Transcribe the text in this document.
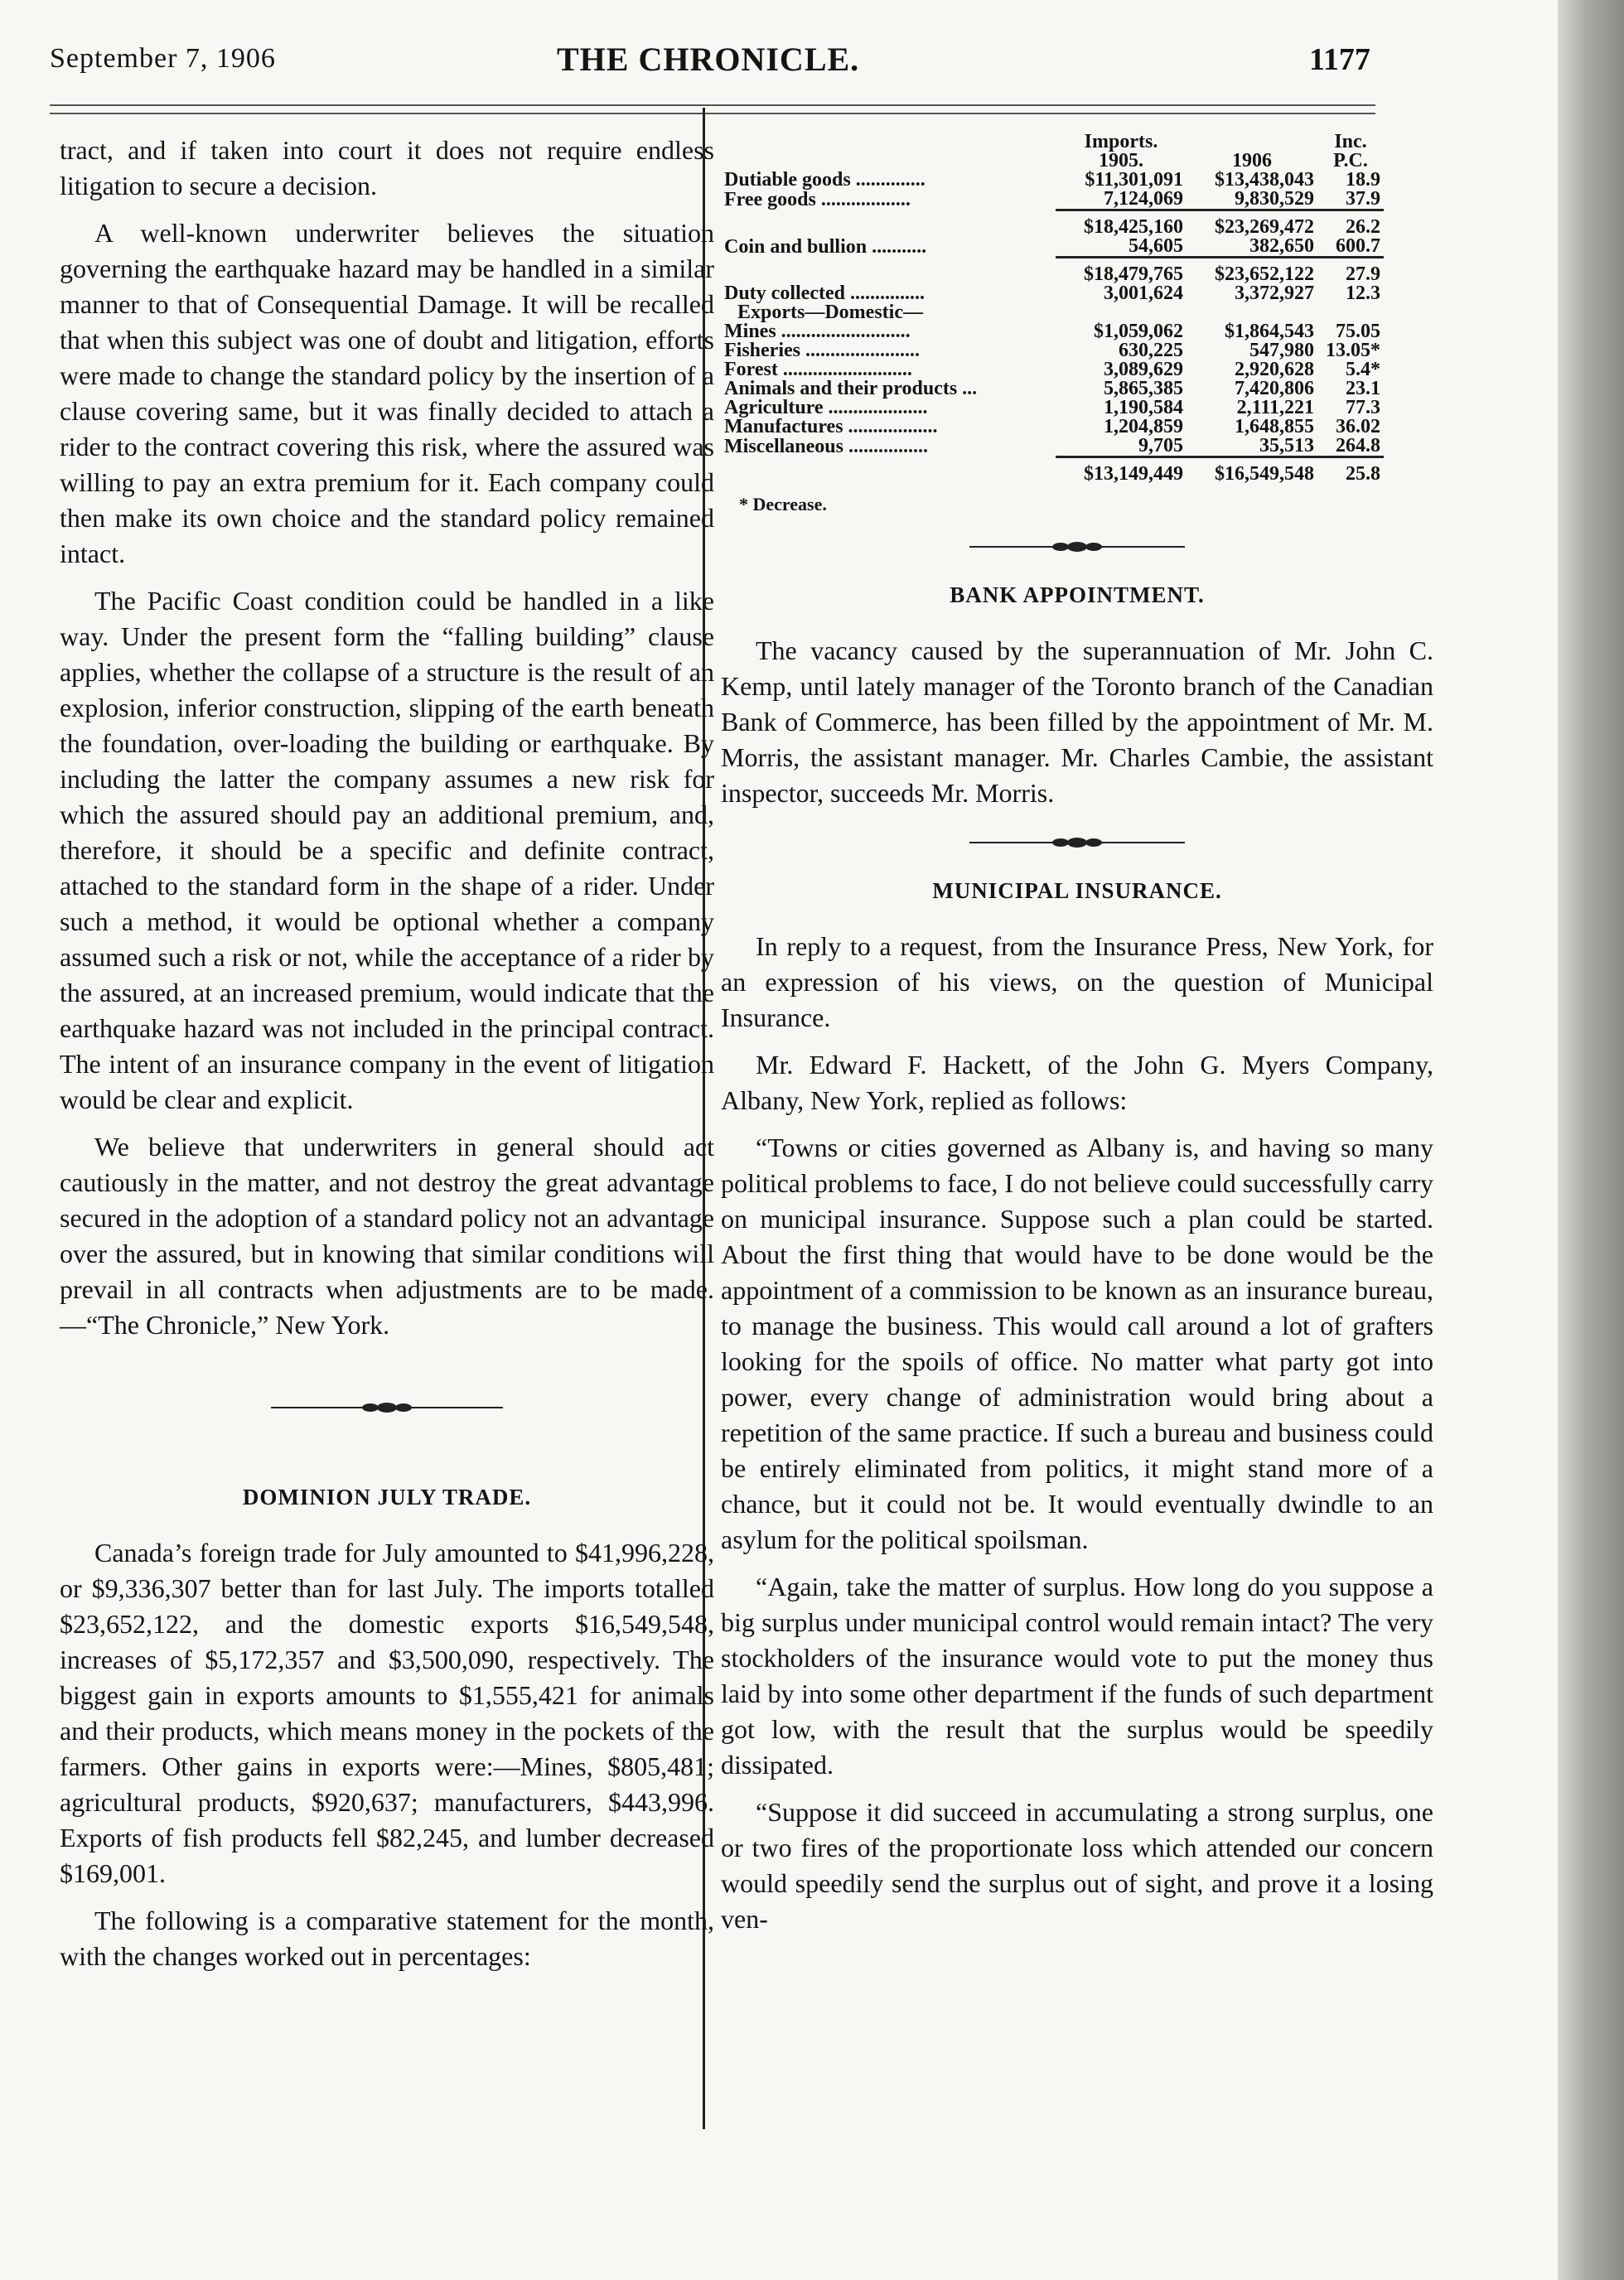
September 7, 1906	THE CHRONICLE.	1177

tract, and if taken into court it does not require endless litigation to secure a decision.

A well-known underwriter believes the situation governing the earthquake hazard may be handled in a similar manner to that of Consequential Damage. It will be recalled that when this subject was one of doubt and litigation, efforts were made to change the standard policy by the insertion of a clause covering same, but it was finally decided to attach a rider to the contract covering this risk, where the assured was willing to pay an extra premium for it. Each company could then make its own choice and the standard policy remained intact.

The Pacific Coast condition could be handled in a like way. Under the present form the “falling building” clause applies, whether the collapse of a structure is the result of an explosion, inferior construction, slipping of the earth beneath the foundation, over-loading the building or earthquake. By including the latter the company assumes a new risk for which the assured should pay an additional premium, and, therefore, it should be a specific and definite contract, attached to the standard form in the shape of a rider. Under such a method, it would be optional whether a company assumed such a risk or not, while the acceptance of a rider by the assured, at an increased premium, would indicate that the earthquake hazard was not included in the principal contract. The intent of an insurance company in the event of litigation would be clear and explicit.

We believe that underwriters in general should act cautiously in the matter, and not destroy the great advantage secured in the adoption of a standard policy not an advantage over the assured, but in knowing that similar conditions will prevail in all contracts when adjustments are to be made. —“The Chronicle,” New York.

DOMINION JULY TRADE.

Canada’s foreign trade for July amounted to $41,996,228, or $9,336,307 better than for last July. The imports totalled $23,652,122, and the domestic exports $16,549,548, increases of $5,172,357 and $3,500,090, respectively. The biggest gain in exports amounts to $1,555,421 for animals and their products, which means money in the pockets of the farmers. Other gains in exports were:—Mines, $805,481; agricultural products, $920,637; manufacturers, $443,996. Exports of fish products fell $82,245, and lumber decreased $169,001.

The following is a comparative statement for the month, with the changes worked out in percentages:

	Imports.
1905.	1906	Inc.
P.C.
Dutiable goods ..............	$11,301,091	$13,438,043	18.9
Free goods ..................	7,124,069	9,830,529	37.9
	$18,425,160	$23,269,472	26.2
Coin and bullion ...........	54,605	382,650	600.7
	$18,479,765	$23,652,122	27.9
Duty collected ...............	3,001,624	3,372,927	12.3
Exports—Domestic—			
Mines ..........................	$1,059,062	$1,864,543	75.05
Fisheries .......................	630,225	547,980	13.05*
Forest ..........................	3,089,629	2,920,628	5.4*
Animals and their products ...	5,865,385	7,420,806	23.1
Agriculture ....................	1,190,584	2,111,221	77.3
Manufactures ..................	1,204,859	1,648,855	36.02
Miscellaneous ................	9,705	35,513	264.8
	$13,149,449	$16,549,548	25.8
* Decrease.
BANK APPOINTMENT.

The vacancy caused by the superannuation of Mr. John C. Kemp, until lately manager of the Toronto branch of the Canadian Bank of Commerce, has been filled by the appointment of Mr. M. Morris, the assistant manager. Mr. Charles Cambie, the assistant inspector, succeeds Mr. Morris.

MUNICIPAL INSURANCE.

In reply to a request, from the Insurance Press, New York, for an expression of his views, on the question of Municipal Insurance.

Mr. Edward F. Hackett, of the John G. Myers Company, Albany, New York, replied as follows:

“Towns or cities governed as Albany is, and having so many political problems to face, I do not believe could successfully carry on municipal insurance. Suppose such a plan could be started. About the first thing that would have to be done would be the appointment of a commission to be known as an insurance bureau, to manage the business. This would call around a lot of grafters looking for the spoils of office. No matter what party got into power, every change of administration would bring about a repetition of the same practice. If such a bureau and business could be entirely eliminated from politics, it might stand more of a chance, but it could not be. It would eventually dwindle to an asylum for the political spoilsman.

“Again, take the matter of surplus. How long do you suppose a big surplus under municipal control would remain intact? The very stockholders of the insurance would vote to put the money thus laid by into some other department if the funds of such department got low, with the result that the surplus would be speedily dissipated.

“Suppose it did succeed in accumulating a strong surplus, one or two fires of the proportionate loss which attended our concern would speedily send the surplus out of sight, and prove it a losing ven-
